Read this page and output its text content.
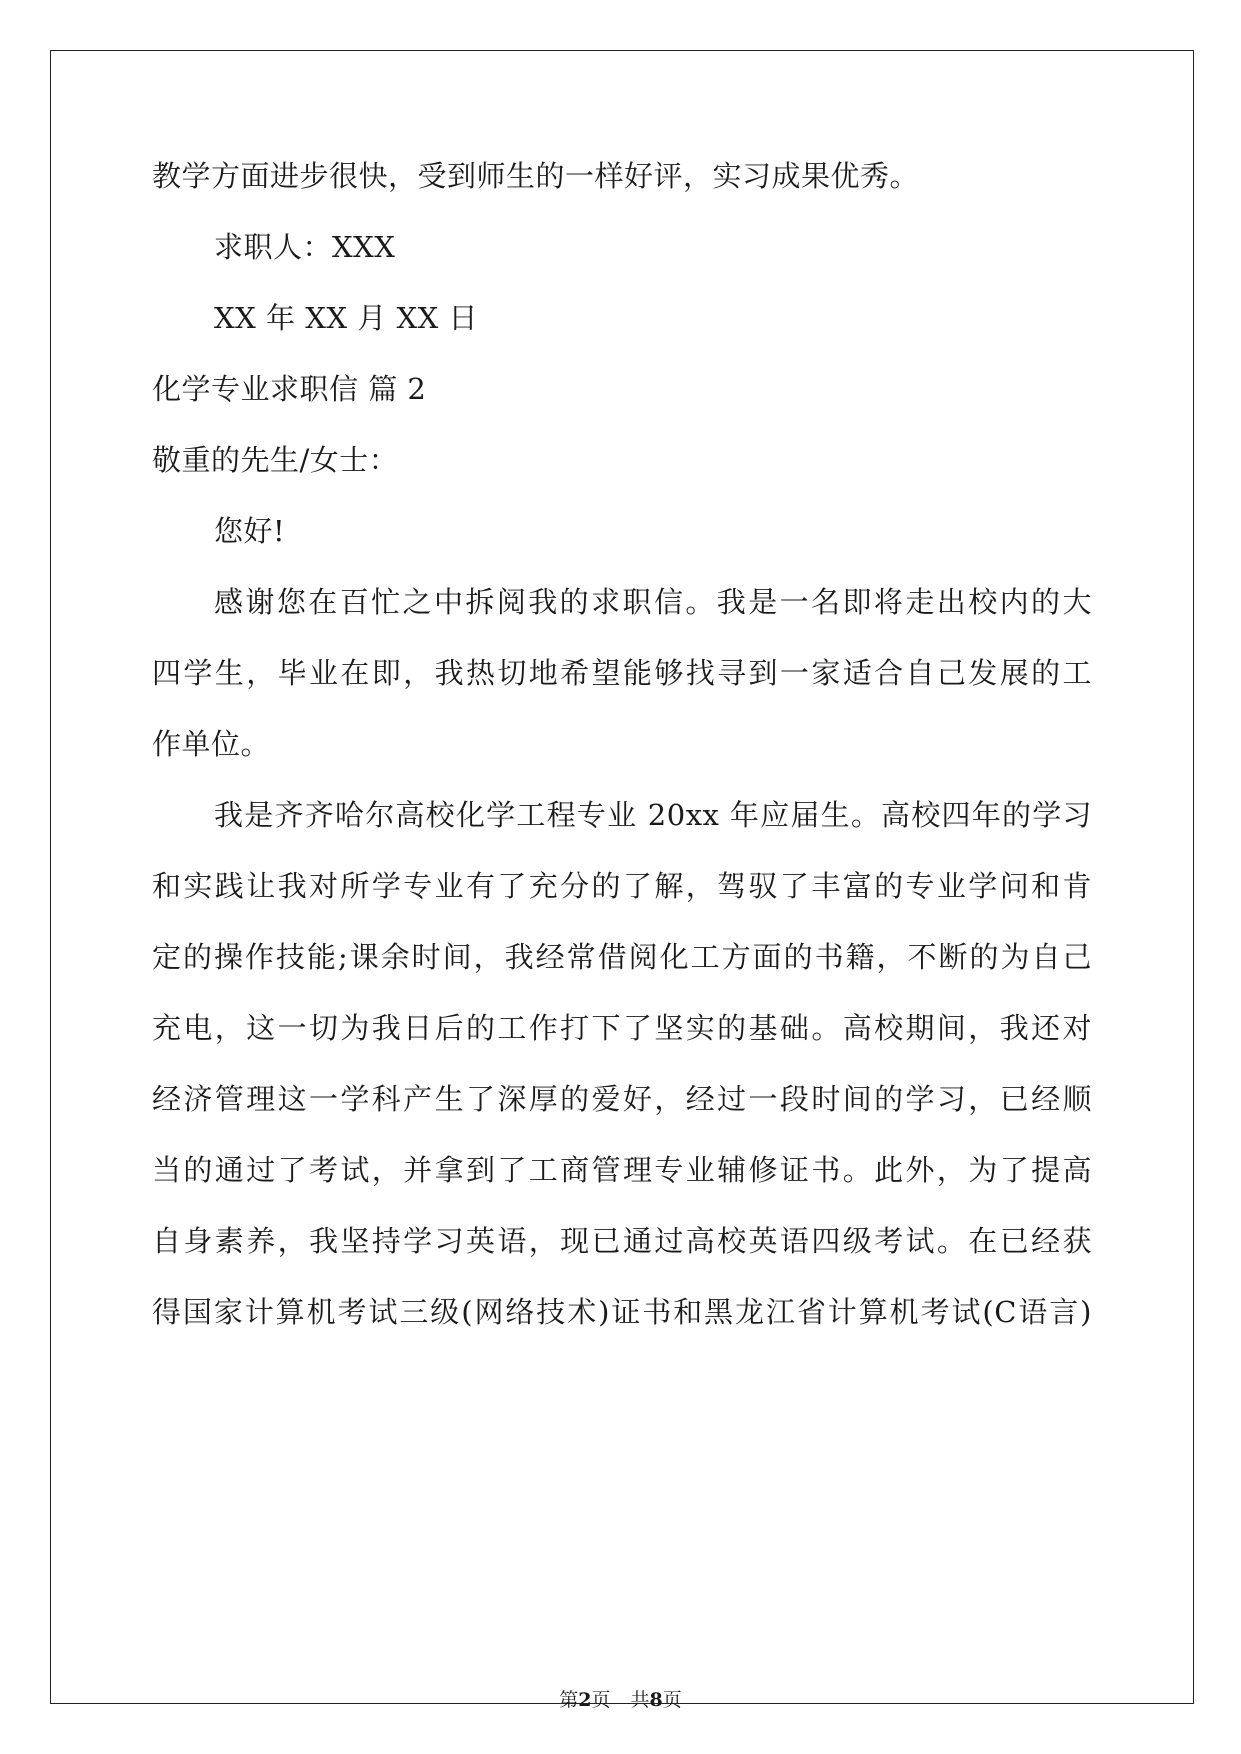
教学方面进步很快，受到师生的一样好评，实习成果优秀。
求职人：XXX
XX 年 XX 月 XX 日
化学专业求职信 篇 2
敬重的先生/女士：
您好!
感谢您在百忙之中拆阅我的求职信。我是一名即将走出校内的大
四学生，毕业在即，我热切地希望能够找寻到一家适合自己发展的工
作单位。
我是齐齐哈尔高校化学工程专业 20xx 年应届生。高校四年的学习
和实践让我对所学专业有了充分的了解，驾驭了丰富的专业学问和肯
定的操作技能;课余时间，我经常借阅化工方面的书籍，不断的为自己
充电，这一切为我日后的工作打下了坚实的基础。高校期间，我还对
经济管理这一学科产生了深厚的爱好，经过一段时间的学习，已经顺
当的通过了考试，并拿到了工商管理专业辅修证书。此外，为了提高
自身素养，我坚持学习英语，现已通过高校英语四级考试。在已经获
得国家计算机考试三级(网络技术)证书和黑龙江省计算机考试(C语言)
第2页 共8页
